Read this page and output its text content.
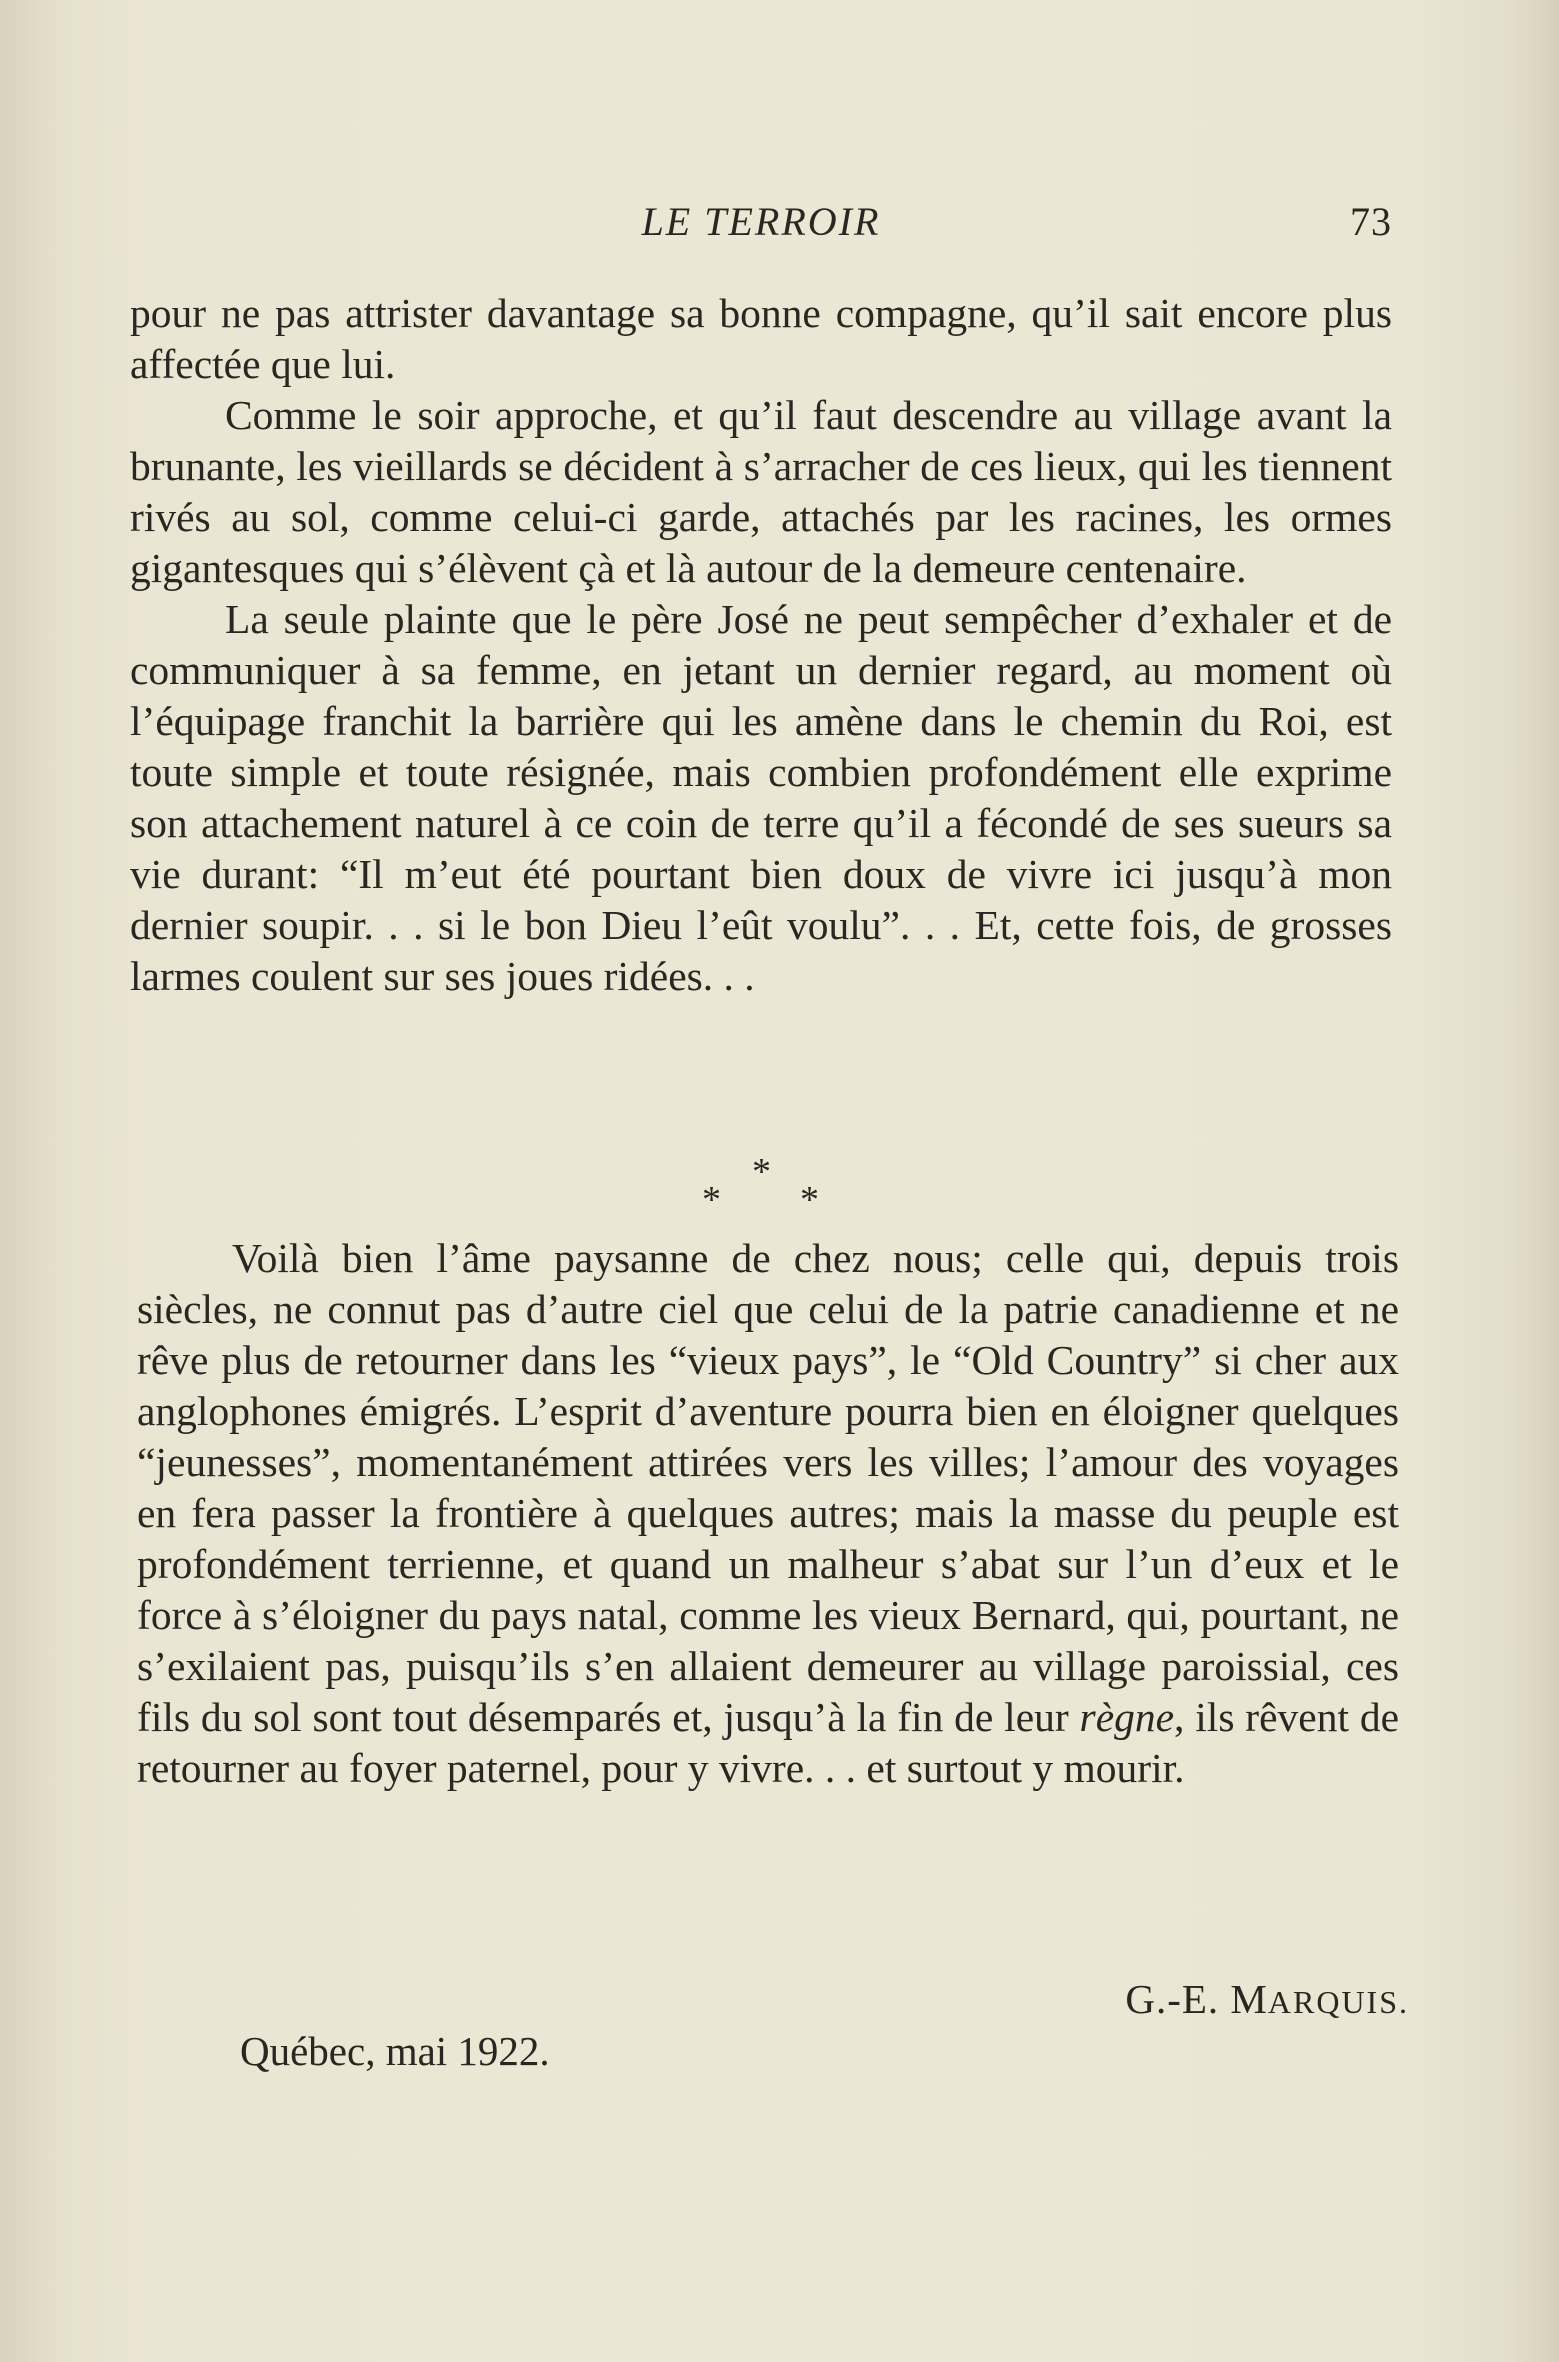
LE TERROIR	73

pour ne pas attrister davantage sa bonne compagne, qu’il sait encore plus affectée que lui.

Comme le soir approche, et qu’il faut descendre au village avant la brunante, les vieillards se décident à s’arracher de ces lieux, qui les tiennent rivés au sol, comme celui-ci garde, attachés par les racines, les ormes gigantesques qui s’élèvent çà et là autour de la demeure centenaire.

La seule plainte que le père José ne peut sempêcher d’exhaler et de communiquer à sa femme, en jetant un dernier regard, au moment où l’équipage franchit la barrière qui les amène dans le chemin du Roi, est toute simple et toute résignée, mais combien profondément elle exprime son attachement naturel à ce coin de terre qu’il a fécondé de ses sueurs sa vie durant: “Il m’eut été pourtant bien doux de vivre ici jusqu’à mon dernier soupir. . . si le bon Dieu l’eût voulu”. . . Et, cette fois, de grosses larmes coulent sur ses joues ridées. . .

*
* *

Voilà bien l’âme paysanne de chez nous; celle qui, depuis trois siècles, ne connut pas d’autre ciel que celui de la patrie canadienne et ne rêve plus de retourner dans les “vieux pays”, le “Old Country” si cher aux anglophones émigrés. L’esprit d’aventure pourra bien en éloigner quelques “jeunesses”, momentanément attirées vers les villes; l’amour des voyages en fera passer la frontière à quelques autres; mais la masse du peuple est profondément terrienne, et quand un malheur s’abat sur l’un d’eux et le force à s’éloigner du pays natal, comme les vieux Bernard, qui, pourtant, ne s’exilaient pas, puisqu’ils s’en allaient demeurer au village paroissial, ces fils du sol sont tout désemparés et, jusqu’à la fin de leur règne, ils rêvent de retourner au foyer paternel, pour y vivre. . . et surtout y mourir.

G.-E. MARQUIS.
Québec, mai 1922.
